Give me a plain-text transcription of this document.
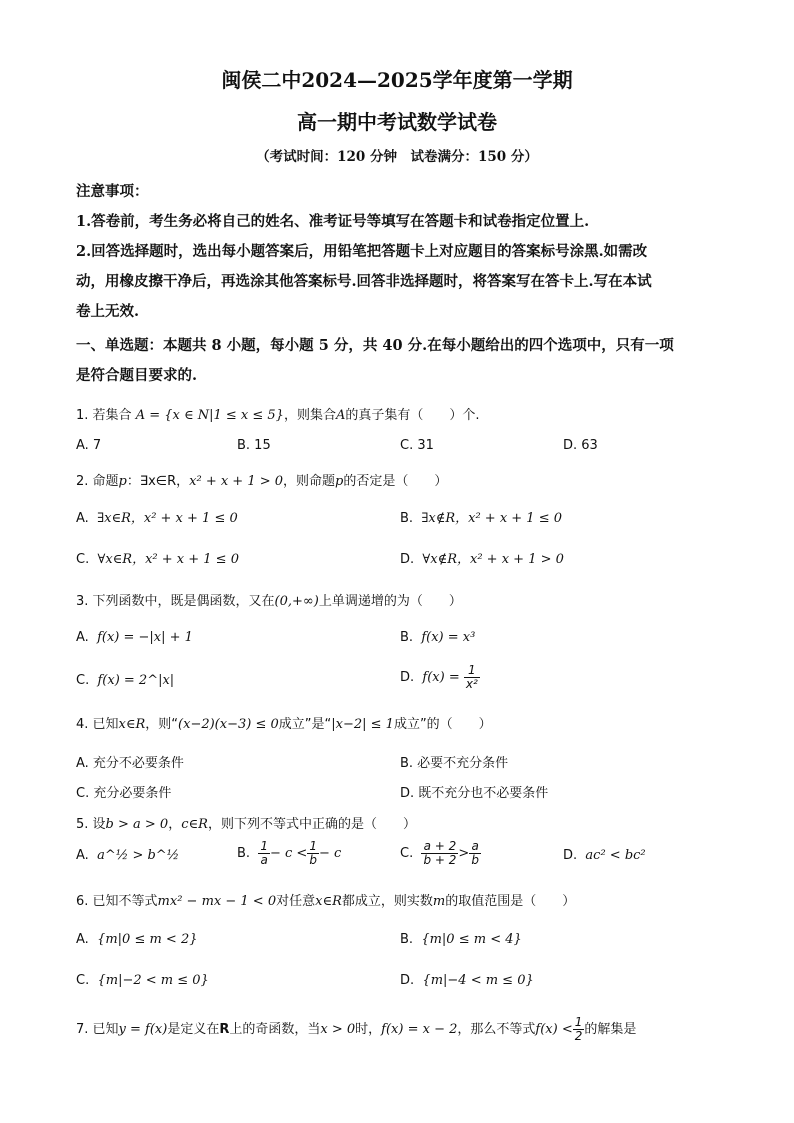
闽侯二中2024—2025学年度第一学期
高一期中考试数学试卷
（考试时间：120 分钟　试卷满分：150 分）
注意事项：
1.答卷前，考生务必将自己的姓名、准考证号等填写在答题卡和试卷指定位置上.
2.回答选择题时，选出每小题答案后，用铅笔把答题卡上对应题目的答案标号涂黑.如需改
动，用橡皮擦干净后，再选涂其他答案标号.回答非选择题时，将答案写在答卡上.写在本试
卷上无效.
一、单选题：本题共 8 小题，每小题 5 分，共 40 分.在每小题给出的四个选项中，只有一项
是符合题目要求的.
1. 若集合 A = {x ∈ N|1 ≤ x ≤ 5}，则集合A的真子集有（　　）个.
A. 7	B. 15	C. 31	D. 63
2. 命题p：∃x∈R，x² + x + 1 > 0，则命题p的否定是（　　）
A. ∃x∈R，x² + x + 1 ≤ 0	B. ∃x∉R，x² + x + 1 ≤ 0
C. ∀x∈R，x² + x + 1 ≤ 0	D. ∀x∉R，x² + x + 1 > 0
3. 下列函数中，既是偶函数，又在(0,+∞)上单调递增的为（　　）
A. f(x) = −|x| + 1	B. f(x) = x³
C. f(x) = 2^|x|	D. $f(x) = \frac{1}{\text{x²}}$
4. 已知x∈R，则“(x−2)(x−3) ≤ 0成立”是“|x−2| ≤ 1成立”的（　　）
A. 充分不必要条件	B. 必要不充分条件
C. 充分必要条件	D. 既不充分也不必要条件
5. 设b > a > 0，c∈R，则下列不等式中正确的是（　　）
A. a^½ > b^½	B. $\frac{1}{a} - c < \frac{1}{b} - c$	C. $\frac{a + 2}{b + 2} > \frac{a}{b}$	D. ac² < bc²
6. 已知不等式mx² − mx − 1 < 0对任意x∈R都成立，则实数m的取值范围是（　　）
A. {m|0 ≤ m < 2}	B. {m|0 ≤ m < 4}
C. {m|−2 < m ≤ 0}	D. {m|−4 < m ≤ 0}
7. 已知y = f(x)是定义在R上的奇函数，当x > 0时，f(x) = x − 2，那么不等式$f(x) < \frac{1}{2}$ 的解集是
